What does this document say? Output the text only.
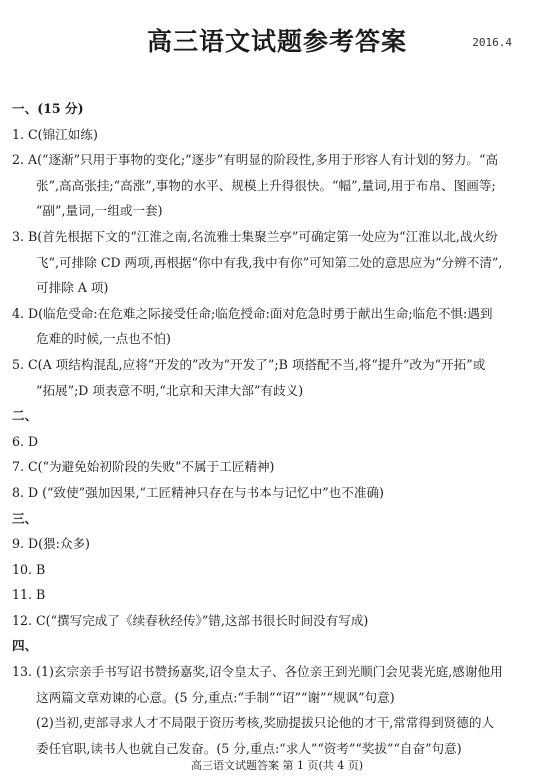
高三语文试题参考答案	2016.4
一、(15 分)
1. C(锦江如练)
2. A(“逐渐”只用于事物的变化;“逐步”有明显的阶段性,多用于形容人有计划的努力。“高
张”,高高张挂;“高涨”,事物的水平、规模上升得很快。“幅”,量词,用于布帛、图画等;
“副”,量词,一组或一套)
3. B(首先根据下文的“江淮之南,名流雅士集聚兰亭”可确定第一处应为“江淮以北,战火纷
飞”,可排除 CD 两项,再根据“你中有我,我中有你”可知第二处的意思应为“分辨不清”,
可排除 A 项)
4. D(临危受命:在危难之际接受任命;临危授命:面对危急时勇于献出生命;临危不惧:遇到
危难的时候,一点也不怕)
5. C(A 项结构混乱,应将“开发的”改为“开发了”;B 项搭配不当,将“提升”改为“开拓”或
“拓展”;D 项表意不明,“北京和天津大部”有歧义)
二、
6. D
7. C(“为避免始初阶段的失败”不属于工匠精神)
8. D (“致使”强加因果,“工匠精神只存在与书本与记忆中”也不准确)
三、
9. D(猥:众多)
10. B
11. B
12. C(“撰写完成了《续春秋经传》”错,这部书很长时间没有写成)
四、
13. (1)玄宗亲手书写诏书赞扬嘉奖,诏令皇太子、各位亲王到光顺门会见裴光庭,感谢他用
这两篇文章劝谏的心意。(5 分,重点:“手制”“诏”“谢”“规讽”句意)
(2)当初,吏部寻求人才不局限于资历考核,奖励提拔只论他的才干,常常得到贤德的人
委任官职,读书人也就自己发奋。(5 分,重点:“求人”“资考”“奖拔”“自奋”句意)
高三语文试题答案 第 1 页(共 4 页)
